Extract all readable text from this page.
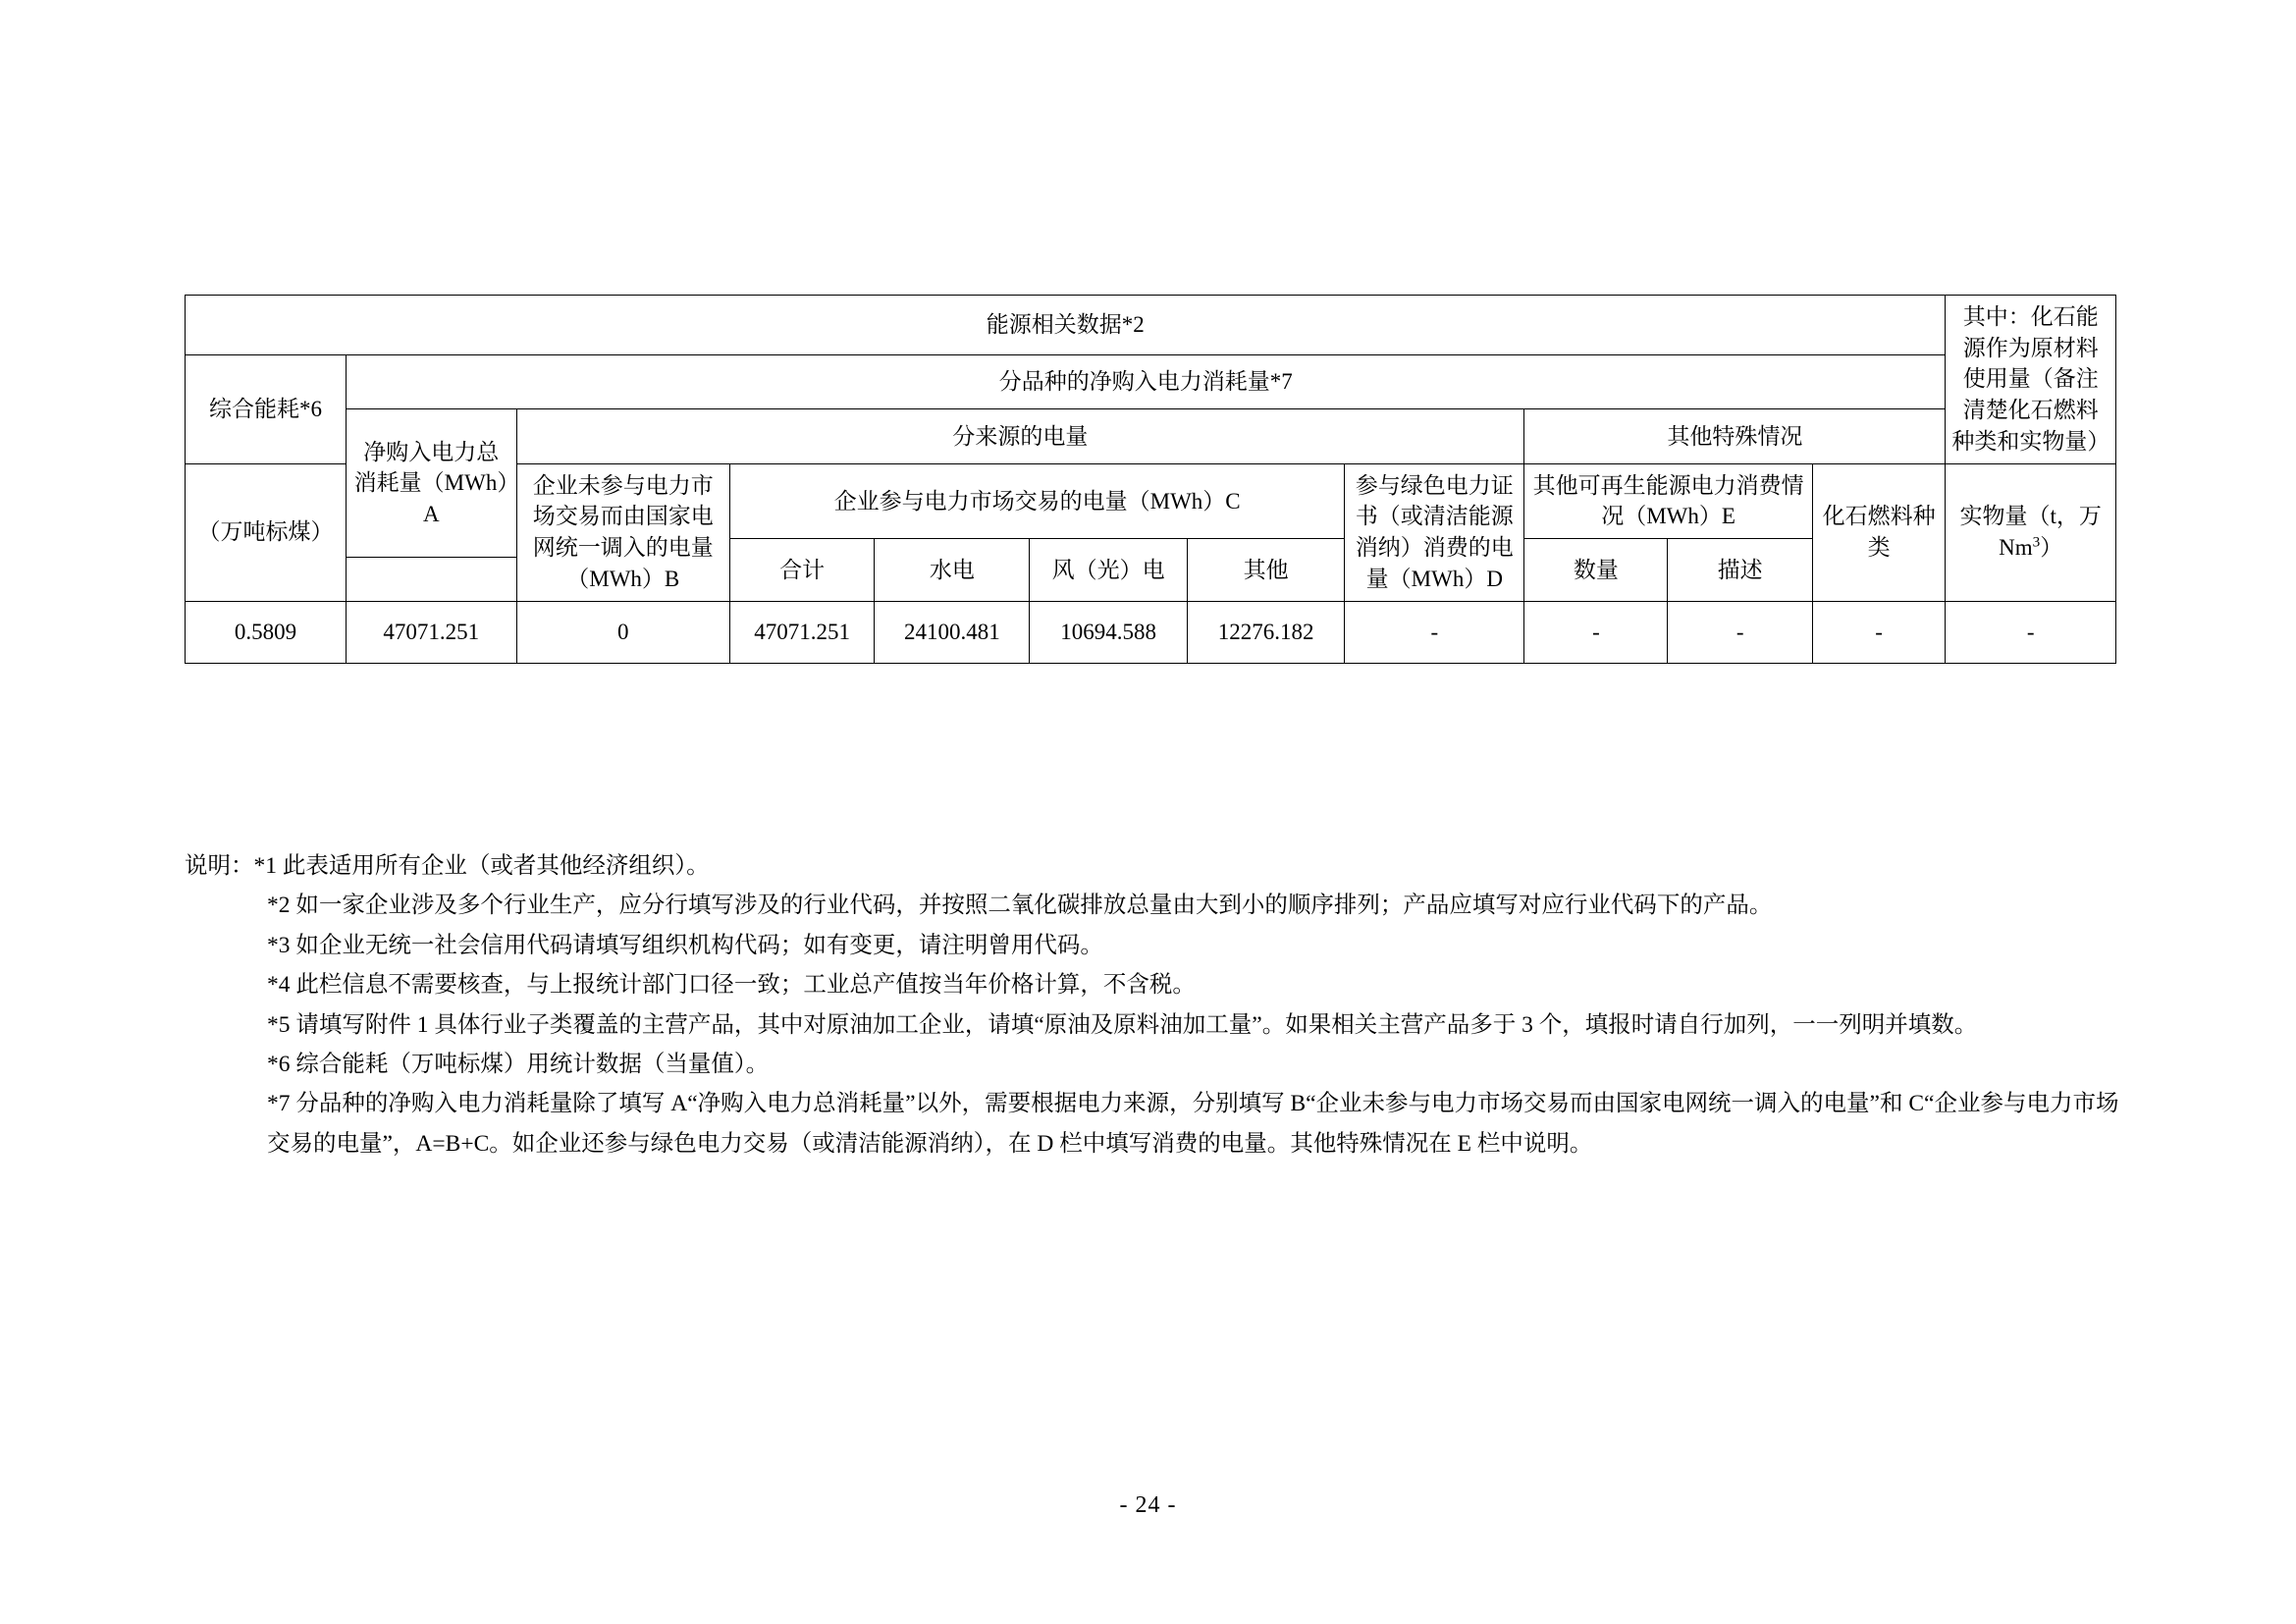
能源相关数据*2											其中：化石能源作为原材料使用量（备注清楚化石燃料种类和实物量）
综合能耗*6	分品种的净购入电力消耗量*7										
	净购入电力总消耗量（MWh）A	分来源的电量						其他特殊情况			
（万吨标煤）		企业未参与电力市场交易而由国家电网统一调入的电量（MWh）B	企业参与电力市场交易的电量（MWh）C				参与绿色电力证书（或清洁能源消纳）消费的电量（MWh）D	其他可再生能源电力消费情况（MWh）E		化石燃料种类	实物量（t，万 Nm$^3$）
			合计	水电	风（光）电	其他		数量	描述		

0.5809	47071.251	0	47071.251	24100.481	10694.588	12276.182	-	-	-	-	-

说明：*1 此表适用所有企业（或者其他经济组织）。

*2 如一家企业涉及多个行业生产，应分行填写涉及的行业代码，并按照二氧化碳排放总量由大到小的顺序排列；产品应填写对应行业代码下的产品。

*3 如企业无统一社会信用代码请填写组织机构代码；如有变更，请注明曾用代码。

*4 此栏信息不需要核查，与上报统计部门口径一致；工业总产值按当年价格计算，不含税。

*5 请填写附件 1 具体行业子类覆盖的主营产品，其中对原油加工企业，请填“原油及原料油加工量”。如果相关主营产品多于 3 个，填报时请自行加列，一一列明并填数。

*6 综合能耗（万吨标煤）用统计数据（当量值）。

*7 分品种的净购入电力消耗量除了填写 A“净购入电力总消耗量”以外，需要根据电力来源，分别填写 B“企业未参与电力市场交易而由国家电网统一调入的电量”和 C“企业参与电力市场交易的电量”，A=B+C。如企业还参与绿色电力交易（或清洁能源消纳），在 D 栏中填写消费的电量。其他特殊情况在 E 栏中说明。

- 24 -
